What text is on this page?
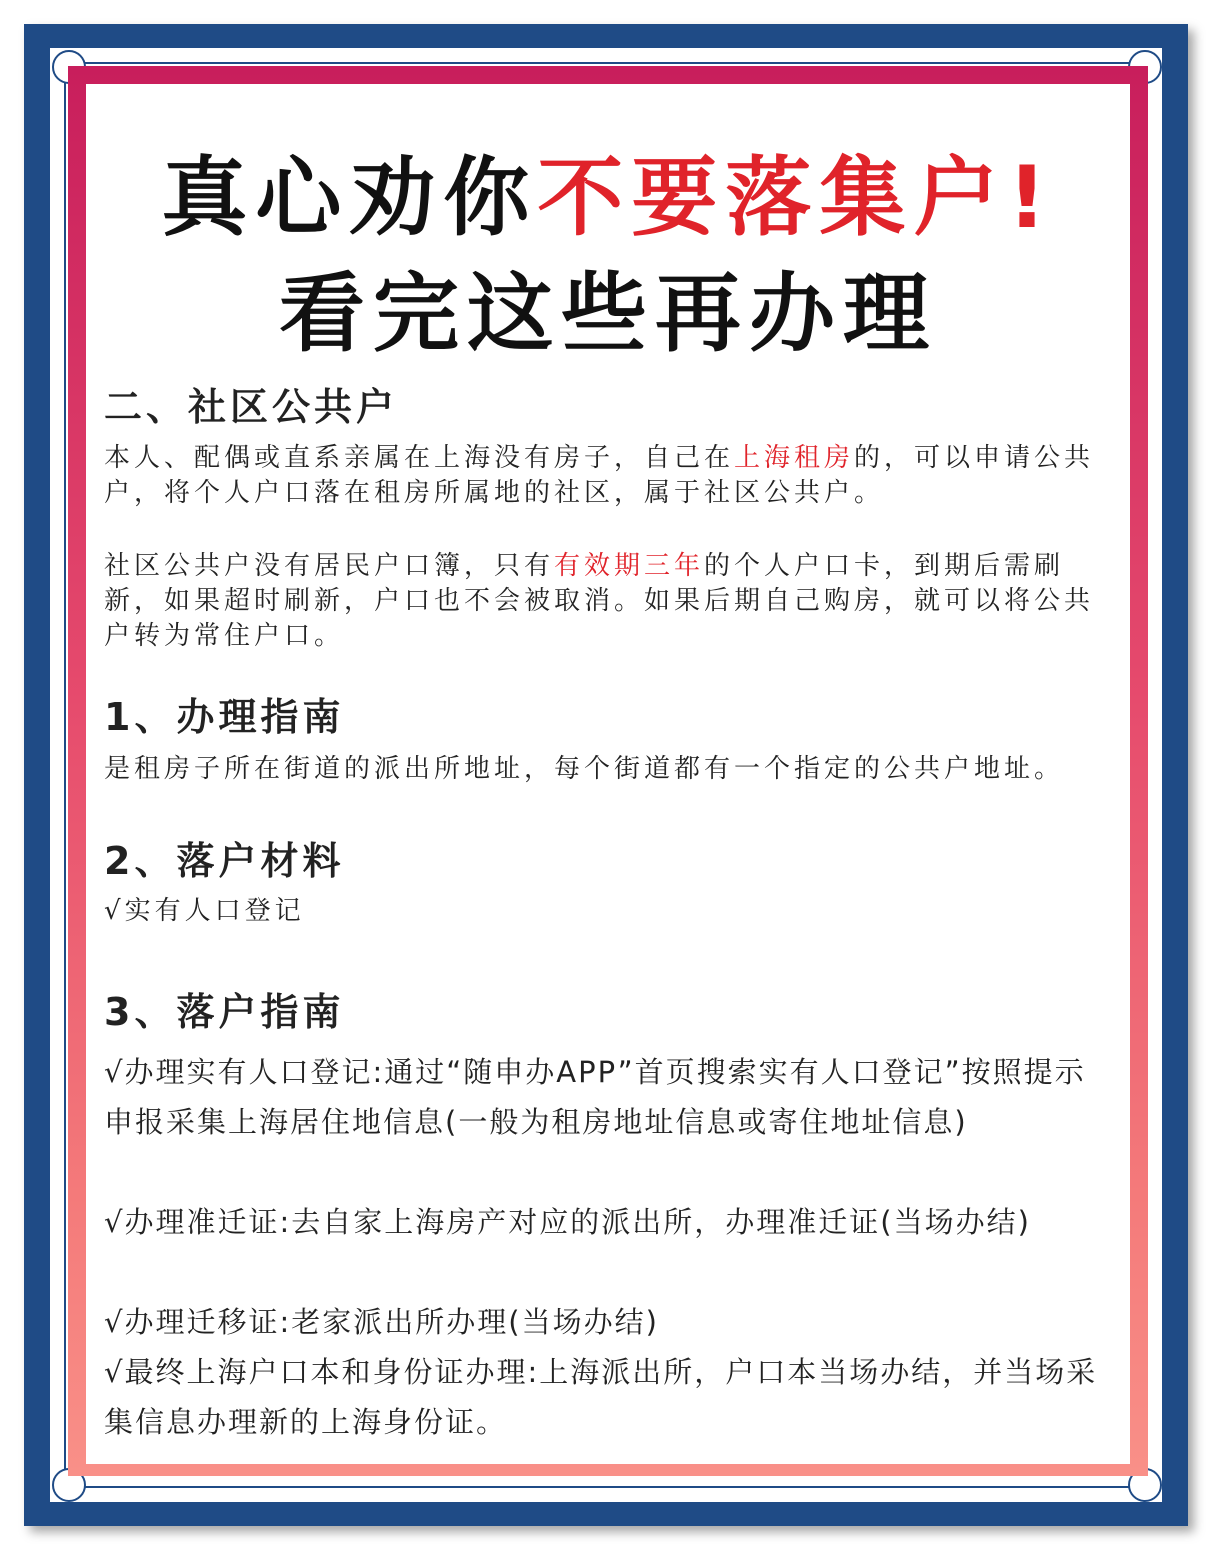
真心劝你不要落集户!
看完这些再办理
二、社区公共户
本人、配偶或直系亲属在上海没有房子，自己在上海租房的，可以申请公共户，将个人户口落在租房所属地的社区，属于社区公共户。
社区公共户没有居民户口簿，只有有效期三年的个人户口卡，到期后需刷新，如果超时刷新，户口也不会被取消。如果后期自己购房，就可以将公共户转为常住户口。
1、办理指南
是租房子所在街道的派出所地址，每个街道都有一个指定的公共户地址。
2、落户材料
√实有人口登记
3、落户指南
√办理实有人口登记:通过“随申办APP”首页搜索实有人口登记”按照提示申报采集上海居住地信息(一般为租房地址信息或寄住地址信息)
√办理准迁证:去自家上海房产对应的派出所，办理准迁证(当场办结)
√办理迁移证:老家派出所办理(当场办结)
√最终上海户口本和身份证办理:上海派出所，户口本当场办结，并当场采集信息办理新的上海身份证。
